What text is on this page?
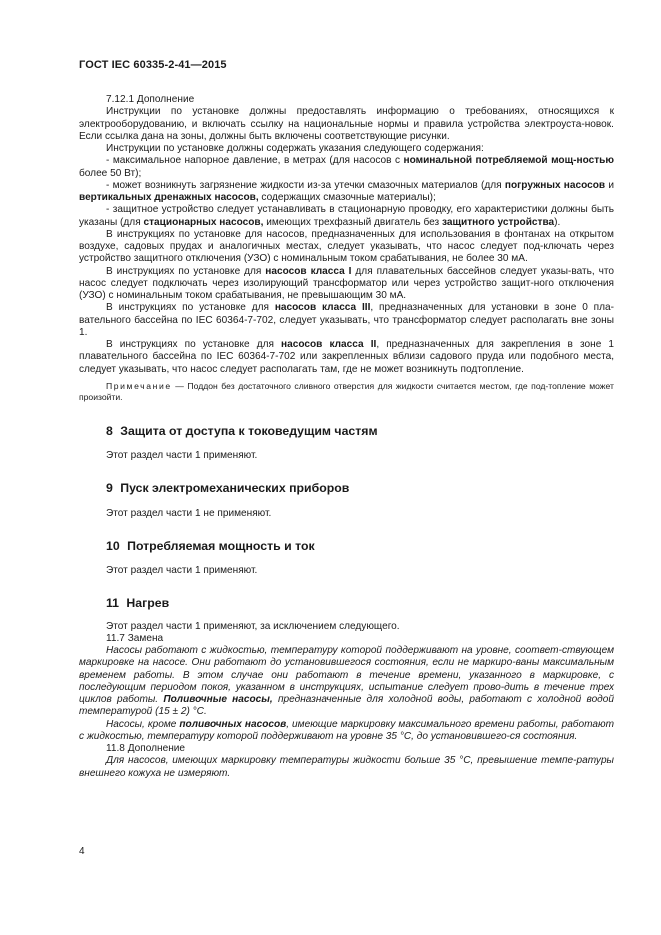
ГОСТ IEC 60335-2-41—2015

7.12.1 Дополнение

Инструкции по установке должны предоставлять информацию о требованиях, относящихся к электрооборудованию, и включать ссылку на национальные нормы и правила устройства электроуста-новок. Если ссылка дана на зоны, должны быть включены соответствующие рисунки.

Инструкции по установке должны содержать указания следующего содержания:

- максимальное напорное давление, в метрах (для насосов с номинальной потребляемой мощ-ностью более 50 Вт);

- может возникнуть загрязнение жидкости из-за утечки смазочных материалов (для погружных насосов и вертикальных дренажных насосов, содержащих смазочные материалы);

- защитное устройство следует устанавливать в стационарную проводку, его характеристики должны быть указаны (для стационарных насосов, имеющих трехфазный двигатель без защитного устройства).

В инструкциях по установке для насосов, предназначенных для использования в фонтанах на открытом воздухе, садовых прудах и аналогичных местах, следует указывать, что насос следует под-ключать через устройство защитного отключения (УЗО) с номинальным током срабатывания, не более 30 мА.

В инструкциях по установке для насосов класса I для плавательных бассейнов следует указы-вать, что насос следует подключать через изолирующий трансформатор или через устройство защит-ного отключения (УЗО) с номинальным током срабатывания, не превышающим 30 мА.

В инструкциях по установке для насосов класса III, предназначенных для установки в зоне 0 пла-вательного бассейна по IEC 60364-7-702, следует указывать, что трансформатор следует располагать вне зоны 1.

В инструкциях по установке для насосов класса II, предназначенных для закрепления в зоне 1 плавательного бассейна по IEC 60364-7-702 или закрепленных вблизи садового пруда или подобного места, следует указывать, что насос следует располагать там, где не может возникнуть подтопление.

Примечание — Поддон без достаточного сливного отверстия для жидкости считается местом, где под-топление может произойти.

8 Защита от доступа к токоведущим частям

Этот раздел части 1 применяют.

9 Пуск электромеханических приборов

Этот раздел части 1 не применяют.

10 Потребляемая мощность и ток

Этот раздел части 1 применяют.

11 Нагрев

Этот раздел части 1 применяют, за исключением следующего.

11.7 Замена

Насосы работают с жидкостью, температуру которой поддерживают на уровне, соответ-ствующем маркировке на насосе. Они работают до установившегося состояния, если не маркиро-ваны максимальным временем работы. В этом случае они работают в течение времени, указанного в маркировке, с последующим периодом покоя, указанном в инструкциях, испытание следует прово-дить в течение трех циклов работы. Поливочные насосы, предназначенные для холодной воды, работают с холодной водой температурой (15 ± 2) °С.

Насосы, кроме поливочных насосов, имеющие маркировку максимального времени работы, работают с жидкостью, температуру которой поддерживают на уровне 35 °С, до установившего-ся состояния.

11.8 Дополнение

Для насосов, имеющих маркировку температуры жидкости больше 35 °С, превышение темпе-ратуры внешнего кожуха не измеряют.

4
